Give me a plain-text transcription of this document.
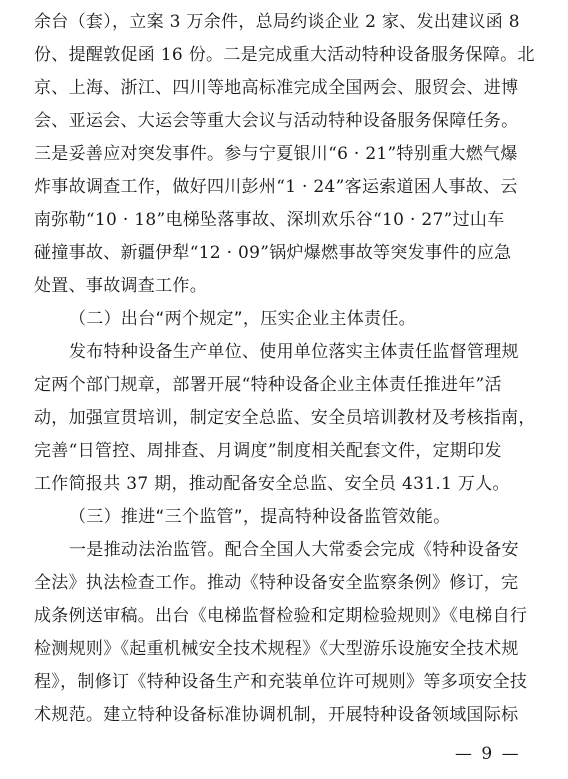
余台（套），立案 3 万余件，总局约谈企业 2 家、发出建议函 8
份、提醒敦促函 16 份。二是完成重大活动特种设备服务保障。北
京、上海、浙江、四川等地高标准完成全国两会、服贸会、进博
会、亚运会、大运会等重大会议与活动特种设备服务保障任务。
三是妥善应对突发事件。参与宁夏银川“6 · 21”特别重大燃气爆
炸事故调查工作，做好四川彭州“1 · 24”客运索道困人事故、云
南弥勒“10 · 18”电梯坠落事故、深圳欢乐谷“10 · 27”过山车
碰撞事故、新疆伊犁“12 · 09”锅炉爆燃事故等突发事件的应急
处置、事故调查工作。
（二）出台“两个规定”，压实企业主体责任。
发布特种设备生产单位、使用单位落实主体责任监督管理规
定两个部门规章，部署开展“特种设备企业主体责任推进年”活
动，加强宣贯培训，制定安全总监、安全员培训教材及考核指南，
完善“日管控、周排查、月调度”制度相关配套文件，定期印发
工作简报共 37 期，推动配备安全总监、安全员 431.1 万人。
（三）推进“三个监管”，提高特种设备监管效能。
一是推动法治监管。配合全国人大常委会完成《特种设备安
全法》执法检查工作。推动《特种设备安全监察条例》修订，完
成条例送审稿。出台《电梯监督检验和定期检验规则》《电梯自行
检测规则》《起重机械安全技术规程》《大型游乐设施安全技术规
程》，制修订《特种设备生产和充装单位许可规则》等多项安全技
术规范。建立特种设备标准协调机制，开展特种设备领域国际标
— 9 —
